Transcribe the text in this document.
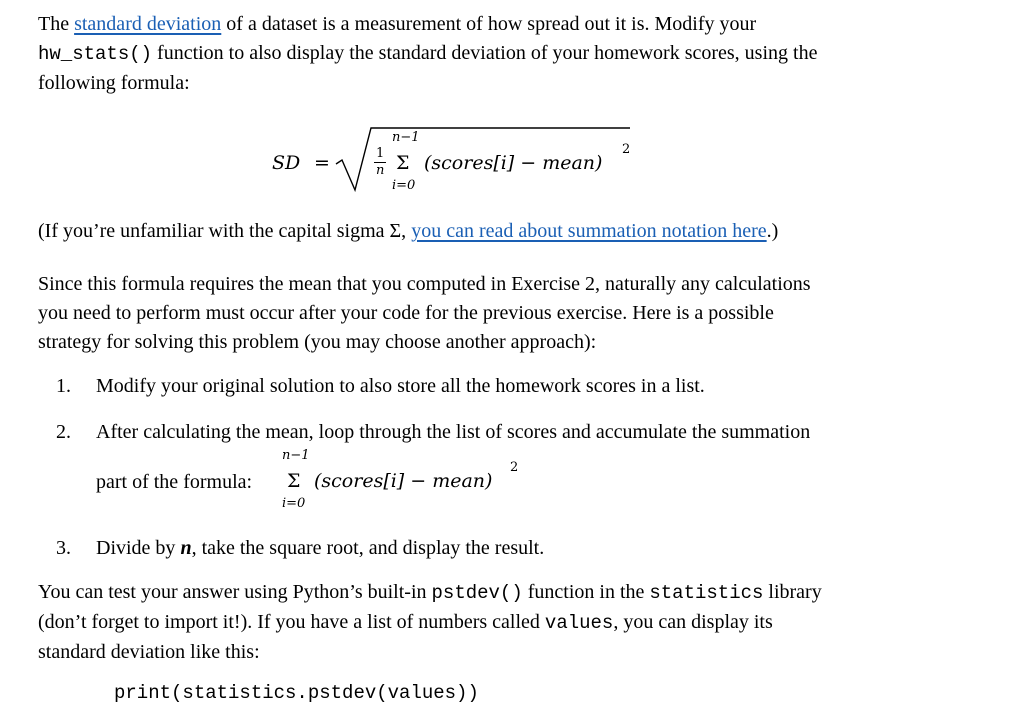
The standard deviation of a dataset is a measurement of how spread out it is. Modify your
hw_stats() function to also display the standard deviation of your homework scores, using the
following formula:

SD =	1
n
n−1
Σ
i=0
(scores[i] − mean)
2

(If you’re unfamiliar with the capital sigma Σ, you can read about summation notation here.)

Since this formula requires the mean that you computed in Exercise 2, naturally any calculations
you need to perform must occur after your code for the previous exercise. Here is a possible
strategy for solving this problem (you may choose another approach):

1. Modify your original solution to also store all the homework scores in a list.

2. After calculating the mean, loop through the list of scores and accumulate the summation

part of the formula:
n−1
Σ
i=0
(scores[i] − mean)
2

3. Divide by n, take the square root, and display the result.

You can test your answer using Python’s built-in pstdev() function in the statistics library
(don’t forget to import it!). If you have a list of numbers called values, you can display its
standard deviation like this:

print(statistics.pstdev(values))
